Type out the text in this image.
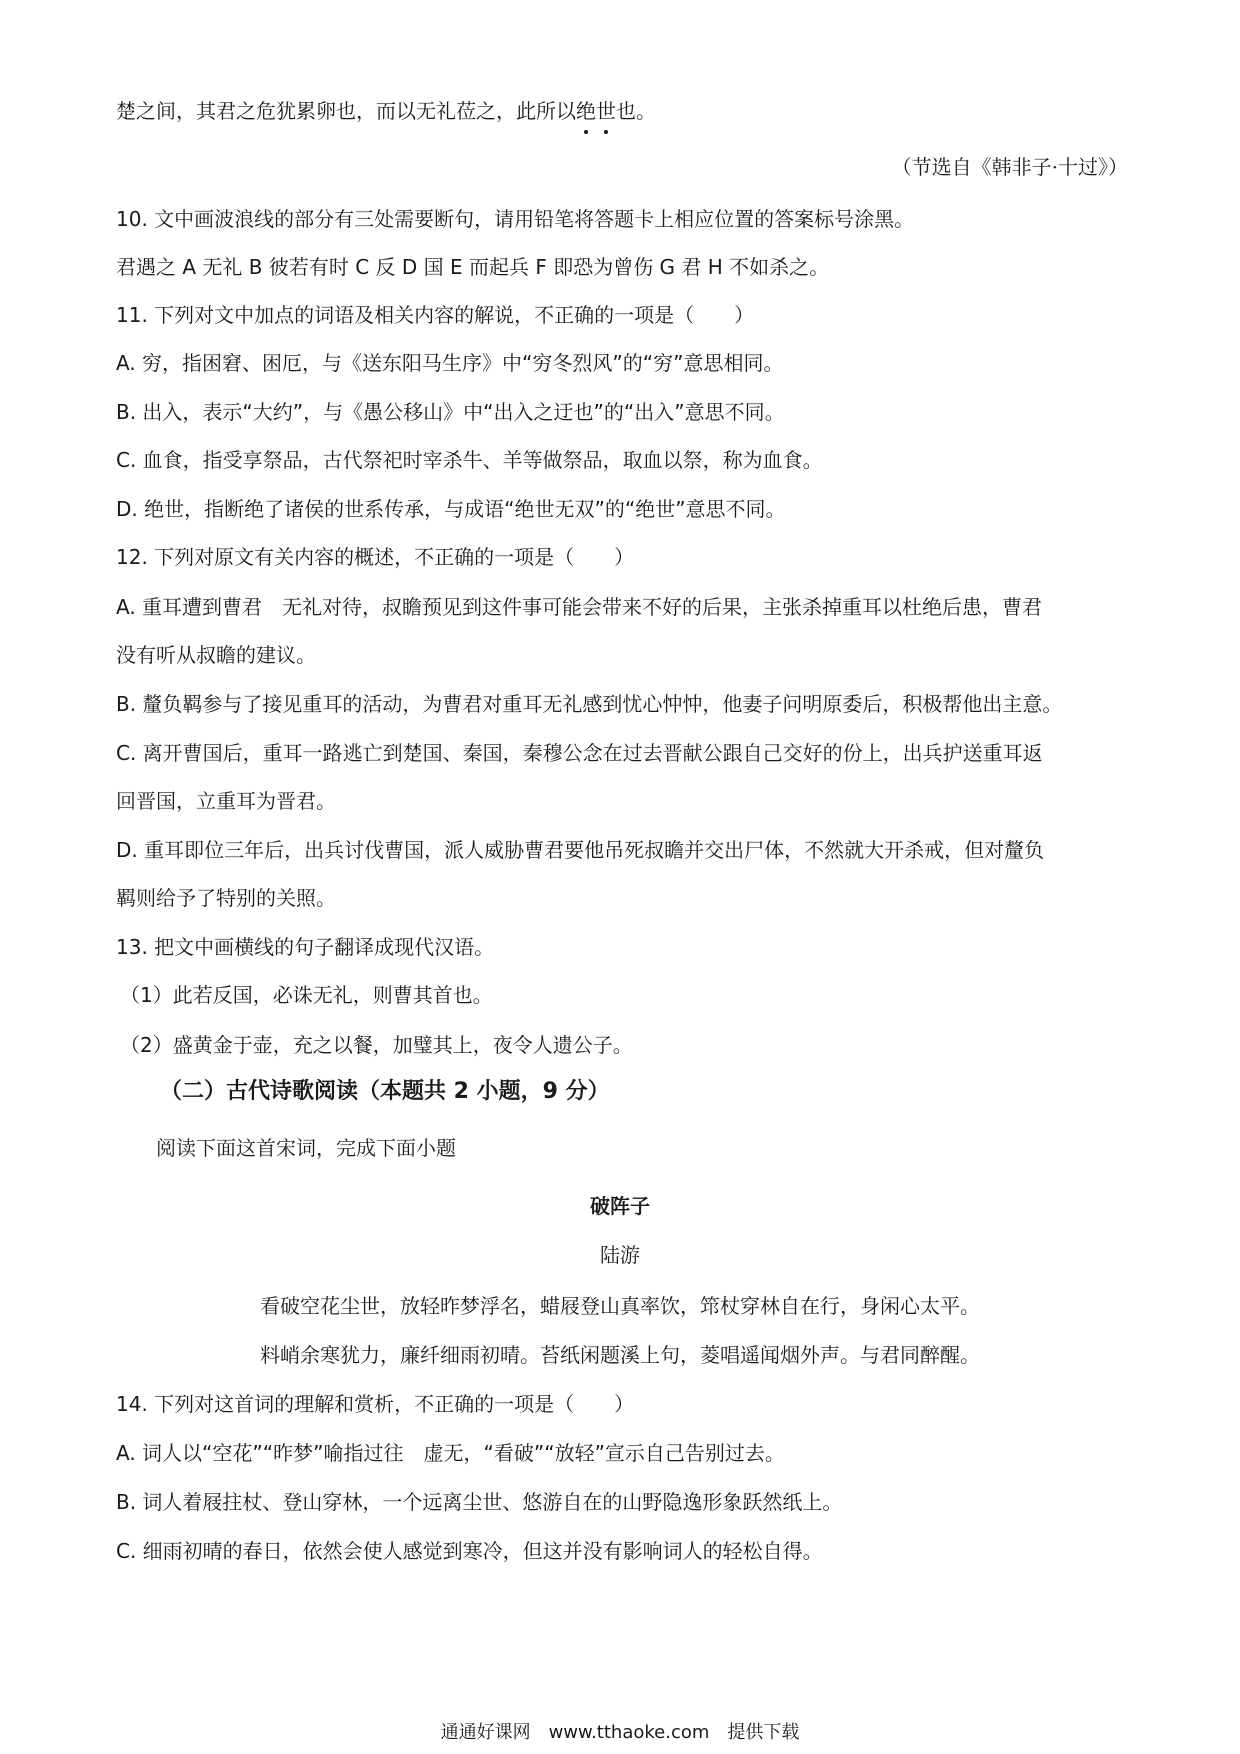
楚之间，其君之危犹累卵也，而以无礼莅之，此所以绝世
也。
（节选自《韩非子·十过》）
10. 文中画波浪线的部分有三处需要断句，请用铅笔将答题卡上相应位置的答案标号涂黑。
君遇之 A 无礼 B 彼若有时 C 反 D 国 E 而起兵 F 即恐为曾伤 G 君 H 不如杀之。
11. 下列对文中加点的词语及相关内容的解说，不正确的一项是（　　）
A. 穷，指困窘、困厄，与《送东阳马生序》中“穷冬烈风”的“穷”意思相同。
B. 出入，表示“大约”，与《愚公移山》中“出入之迂也”的“出入”意思不同。
C. 血食，指受享祭品，古代祭祀时宰杀牛、羊等做祭品，取血以祭，称为血食。
D. 绝世，指断绝了诸侯的世系传承，与成语“绝世无双”的“绝世”意思不同。
12. 下列对原文有关内容的概述，不正确的一项是（　　）
A. 重耳遭到曹君　无礼对待，叔瞻预见到这件事可能会带来不好的后果，主张杀掉重耳以杜绝后患，曹君
没有听从叔瞻的建议。
B. 釐负羁参与了接见重耳的活动，为曹君对重耳无礼感到忧心忡忡，他妻子问明原委后，积极帮他出主意。
C. 离开曹国后，重耳一路逃亡到楚国、秦国，秦穆公念在过去晋献公跟自己交好的份上，出兵护送重耳返
回晋国，立重耳为晋君。
D. 重耳即位三年后，出兵讨伐曹国，派人威胁曹君要他吊死叔瞻并交出尸体，不然就大开杀戒，但对釐负
羁则给予了特别的关照。
13. 把文中画横线的句子翻译成现代汉语。
（1）此若反国，必诛无礼，则曹其首也。
（2）盛黄金于壶，充之以餐，加璧其上，夜令人遗公子。
（二）古代诗歌阅读（本题共 2 小题，9 分）
阅读下面这首宋词，完成下面小题
破阵子
陆游
看破空花尘世，放轻昨梦浮名，蜡屐登山真率饮，筇杖穿林自在行，身闲心太平。
料峭余寒犹力，廉纤细雨初晴。苔纸闲题溪上句，菱唱遥闻烟外声。与君同醉醒。
14. 下列对这首词的理解和赏析，不正确的一项是（　　）
A. 词人以“空花”“昨梦”喻指过往　虚无，“看破”“放轻”宣示自己告别过去。
B. 词人着屐拄杖、登山穿林，一个远离尘世、悠游自在的山野隐逸形象跃然纸上。
C. 细雨初晴的春日，依然会使人感觉到寒冷，但这并没有影响词人的轻松自得。
通通好课网　www.tthaoke.com　提供下载
